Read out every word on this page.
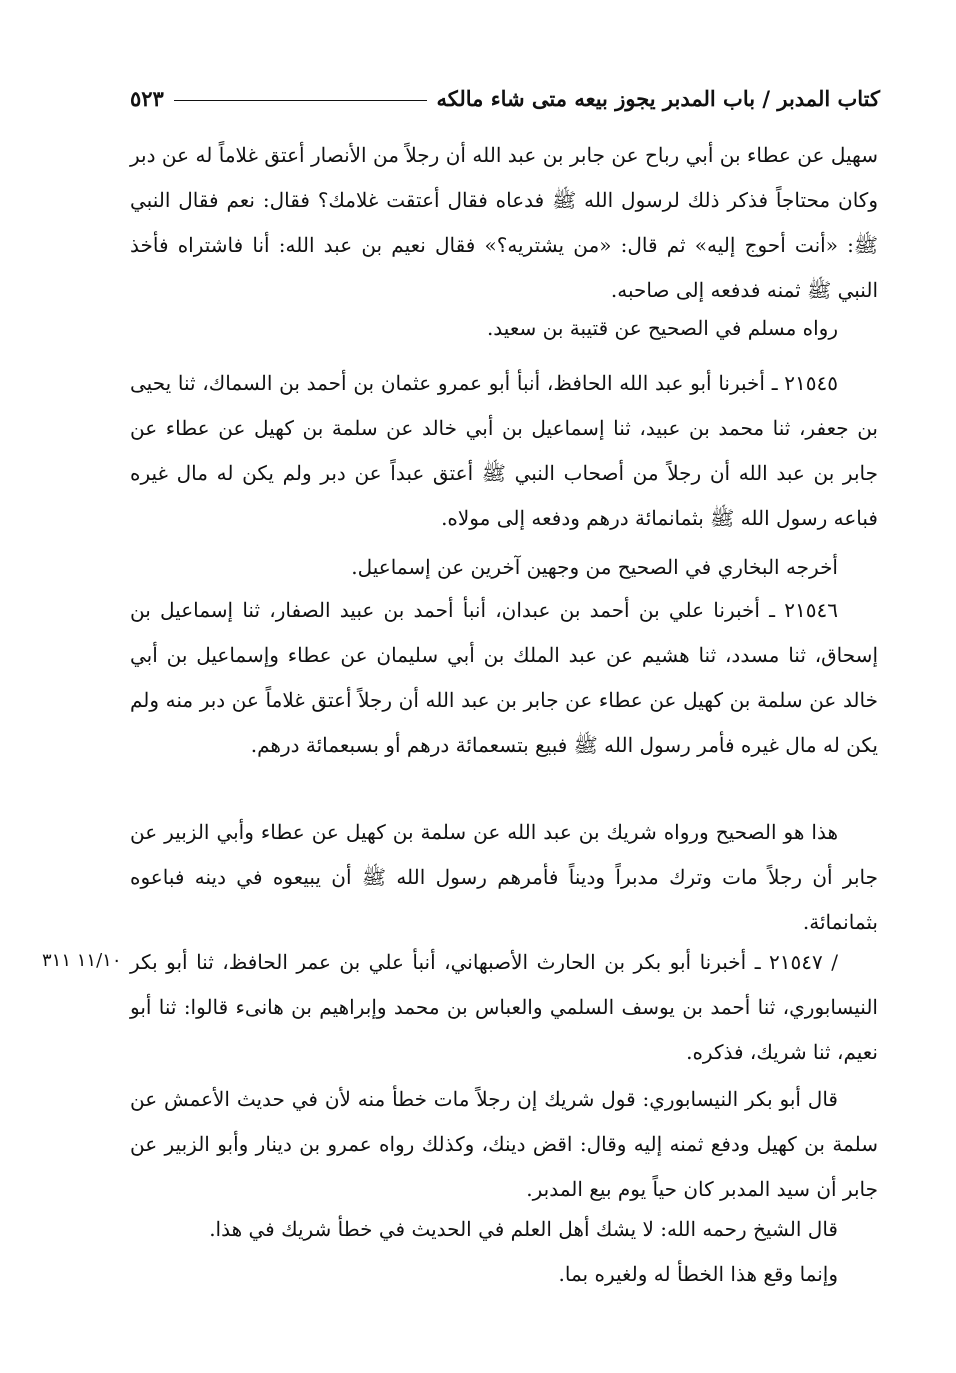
كتاب المدبر / باب المدبر يجوز بيعه متى شاء مالكه
٥٢٣

سهيل عن عطاء بن أبي رباح عن جابر بن عبد الله أن رجلاً من الأنصار أعتق غلاماً له عن دبر وكان محتاجاً فذكر ذلك لرسول الله ﷺ فدعاه فقال أعتقت غلامك؟ فقال: نعم فقال النبي ﷺ: «أنت أحوج إليه» ثم قال: «من يشتريه؟» فقال نعيم بن عبد الله: أنا فاشتراه فأخذ النبي ﷺ ثمنه فدفعه إلى صاحبه.

رواه مسلم في الصحيح عن قتيبة بن سعيد.

٢١٥٤٥ ـ أخبرنا أبو عبد الله الحافظ، أنبأ أبو عمرو عثمان بن أحمد بن السماك، ثنا يحيى بن جعفر، ثنا محمد بن عبيد، ثنا إسماعيل بن أبي خالد عن سلمة بن كهيل عن عطاء عن جابر بن عبد الله أن رجلاً من أصحاب النبي ﷺ أعتق عبداً عن دبر ولم يكن له مال غيره فباعه رسول الله ﷺ بثمانمائة درهم ودفعه إلى مولاه.

أخرجه البخاري في الصحيح من وجهين آخرين عن إسماعيل.

٢١٥٤٦ ـ أخبرنا علي بن أحمد بن عبدان، أنبأ أحمد بن عبيد الصفار، ثنا إسماعيل بن إسحاق، ثنا مسدد، ثنا هشيم عن عبد الملك بن أبي سليمان عن عطاء وإسماعيل بن أبي خالد عن سلمة بن كهيل عن عطاء عن جابر بن عبد الله أن رجلاً أعتق غلاماً عن دبر منه ولم يكن له مال غيره فأمر رسول الله ﷺ فبيع بتسعمائة درهم أو بسبعمائة درهم.

هذا هو الصحيح ورواه شريك بن عبد الله عن سلمة بن كهيل عن عطاء وأبي الزبير عن جابر أن رجلاً مات وترك مدبراً وديناً فأمرهم رسول الله ﷺ أن يبيعوه في دينه فباعوه بثمانمائة.

/ ٢١٥٤٧ ـ أخبرنا أبو بكر بن الحارث الأصبهاني، أنبأ علي بن عمر الحافظ، ثنا أبو بكر النيسابوري، ثنا أحمد بن يوسف السلمي والعباس بن محمد وإبراهيم بن هانىء قالوا: ثنا أبو نعيم، ثنا شريك، فذكره.

قال أبو بكر النيسابوري: قول شريك إن رجلاً مات خطأ منه لأن في حديث الأعمش عن سلمة بن كهيل ودفع ثمنه إليه وقال: اقض دينك، وكذلك رواه عمرو بن دينار وأبو الزبير عن جابر أن سيد المدبر كان حياً يوم بيع المدبر.

قال الشيخ رحمه الله: لا يشك أهل العلم في الحديث في خطأ شريك في هذا.

وإنما وقع هذا الخطأ له ولغيره بما.

١١/١٠ ٣١١
